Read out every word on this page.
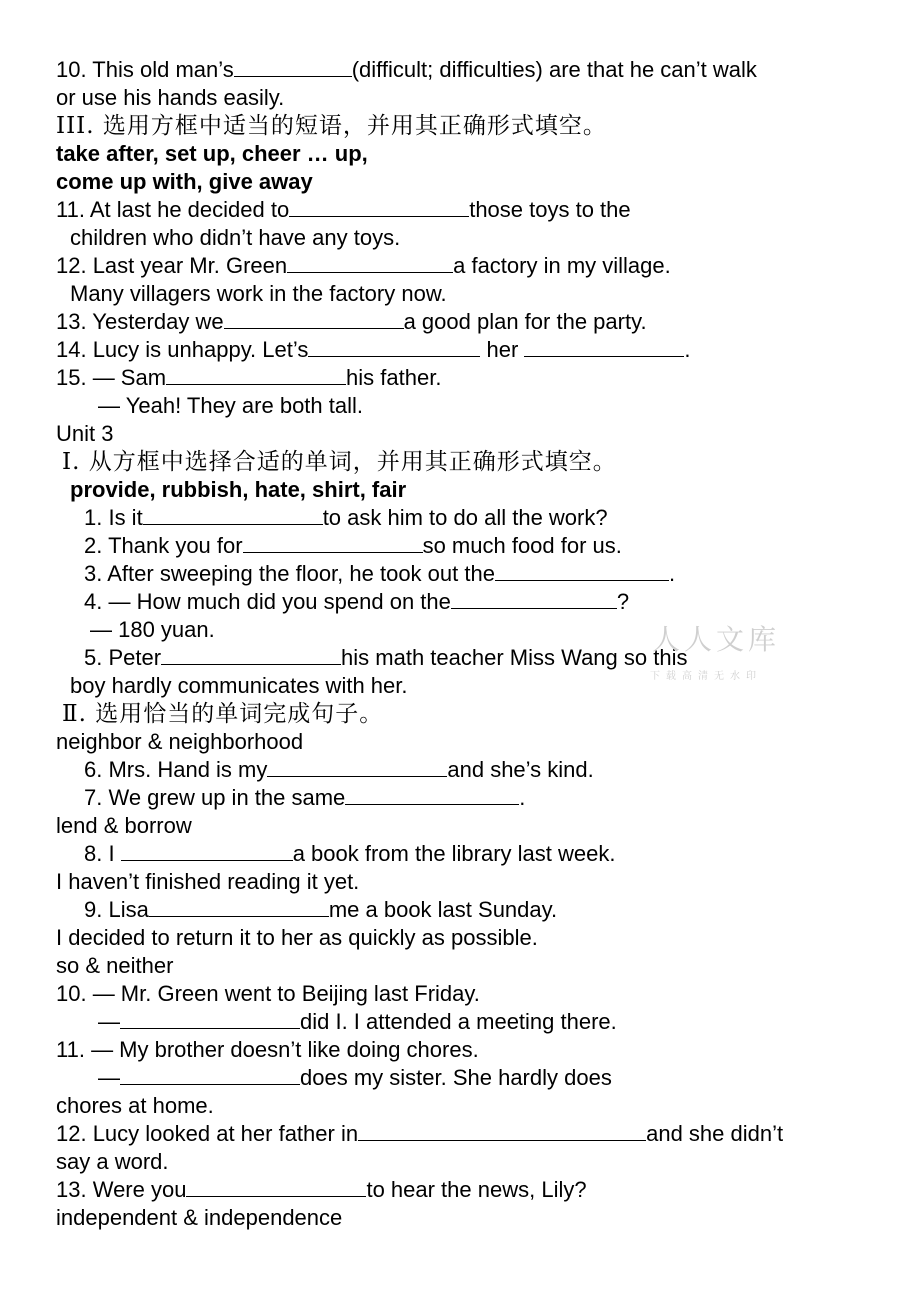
10. This old man’s	(difficult; difficulties) are that he can’t walk
or use his hands easily.
III. 选用方框中适当的短语，并用其正确形式填空。
take after, set up, cheer … up,
come up with, give away
11. At last he decided to	those toys to the
children who didn’t have any toys.
12. Last year Mr. Green	a factory in my village.
Many villagers work in the factory now.
13. Yesterday we	a good plan for the party.
14. Lucy is unhappy. Let’s	her	.
15. — Sam	his father.
— Yeah! They are both tall.
Unit 3
Ⅰ. 从方框中选择合适的单词，并用其正确形式填空。
provide, rubbish, hate, shirt, fair
1. Is it	to ask him to do all the work?
2. Thank you for	so much food for us.
3. After sweeping the floor, he took out the	.
4. — How much did you spend on the	?
— 180 yuan.
5. Peter	his math teacher Miss Wang so this
boy hardly communicates with her.
Ⅱ. 选用恰当的单词完成句子。
neighbor & neighborhood
6. Mrs. Hand is my	and she’s kind.
7. We grew up in the same	.
lend & borrow
8. I	a book from the library last week.
I haven’t finished reading it yet.
9. Lisa	me a book last Sunday.
I decided to return it to her as quickly as possible.
so & neither
10. — Mr. Green went to Beijing last Friday.
—	did I. I attended a meeting there.
11. — My brother doesn’t like doing chores.
—	does my sister. She hardly does
chores at home.
12. Lucy looked at her father in	and she didn’t
say a word.
13. Were you	to hear the news, Lily?
independent & independence
人人文库
下载高清无水印
